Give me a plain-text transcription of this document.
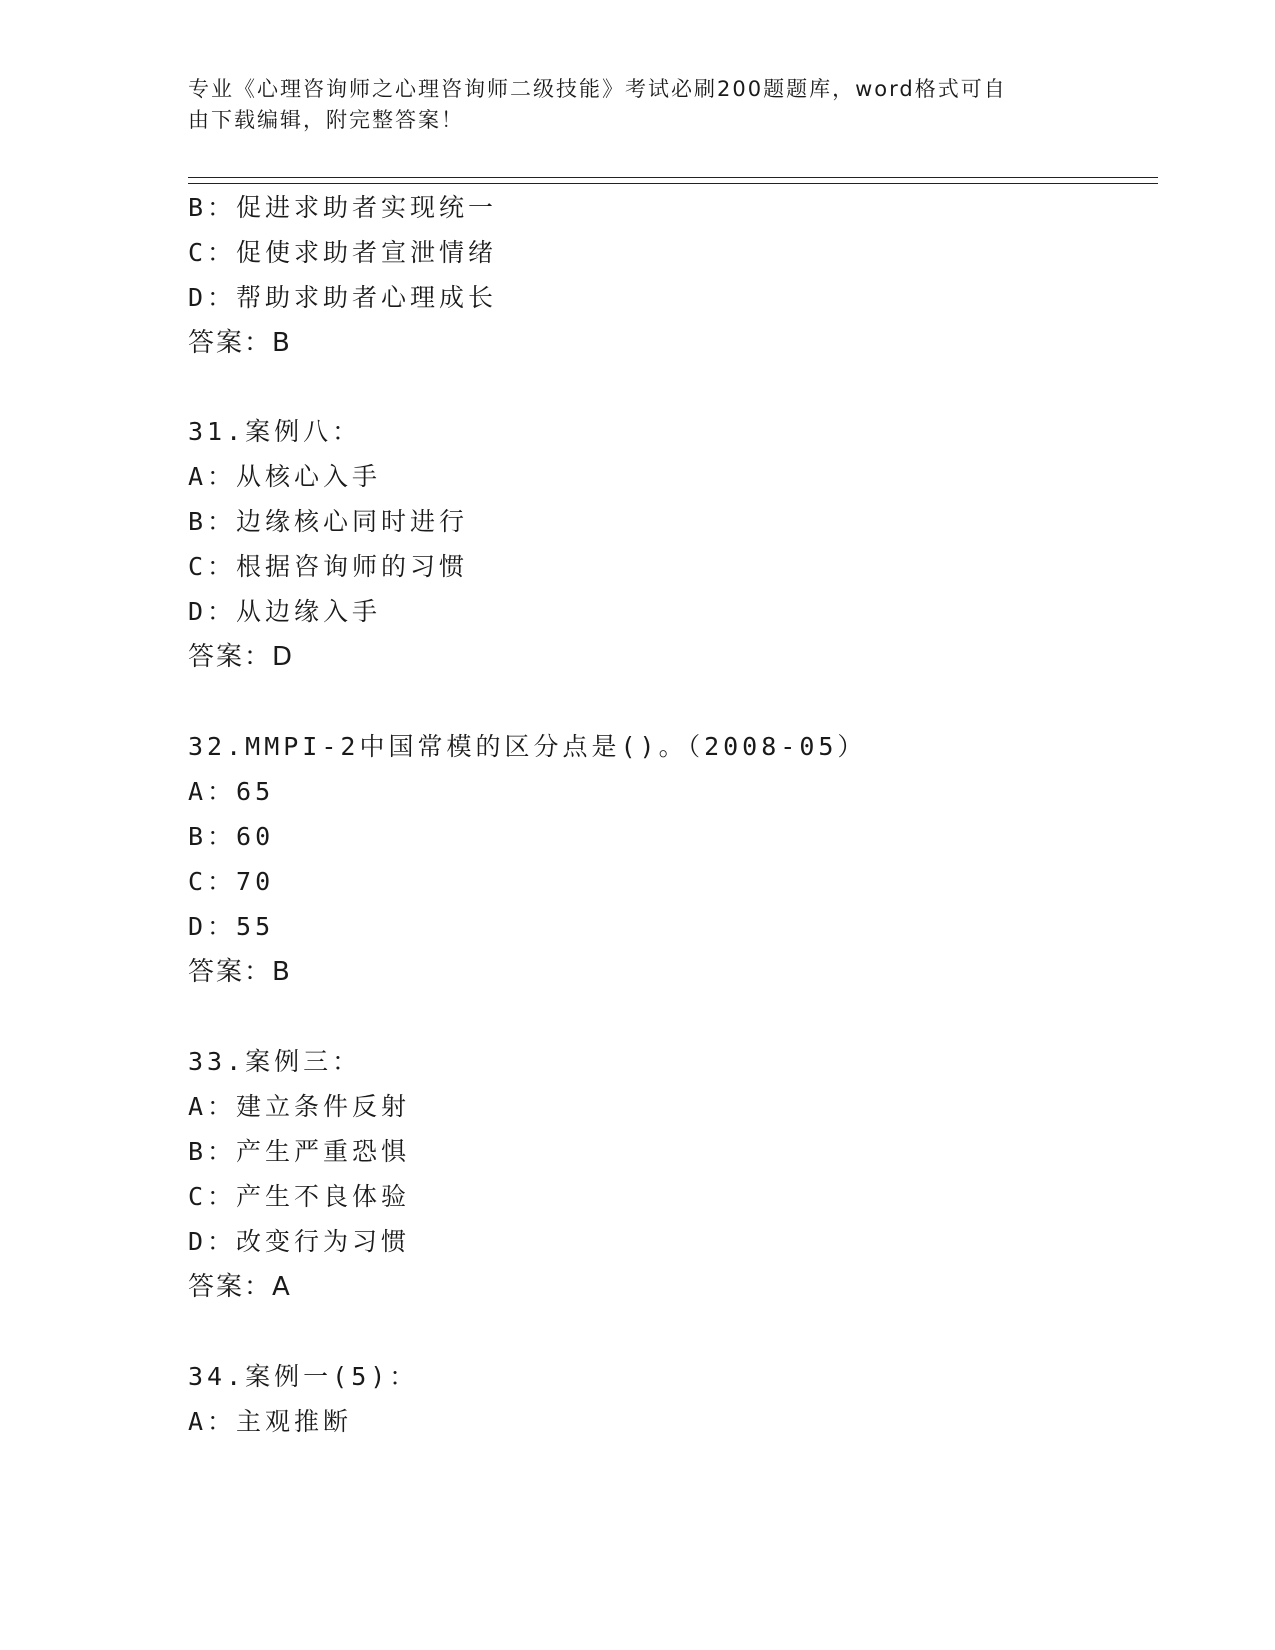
专业《心理咨询师之心理咨询师二级技能》考试必刷200题题库，word格式可自
由下载编辑，附完整答案！
B：促进求助者实现统一
C：促使求助者宣泄情绪
D：帮助求助者心理成长
答案：B
31.案例八：
A：从核心入手
B：边缘核心同时进行
C：根据咨询师的习惯
D：从边缘入手
答案：D
32.MMPI-2中国常模的区分点是()。（2008-05）
A：65
B：60
C：70
D：55
答案：B
33.案例三：
A：建立条件反射
B：产生严重恐惧
C：产生不良体验
D：改变行为习惯
答案：A
34.案例一(5)：
A：主观推断
